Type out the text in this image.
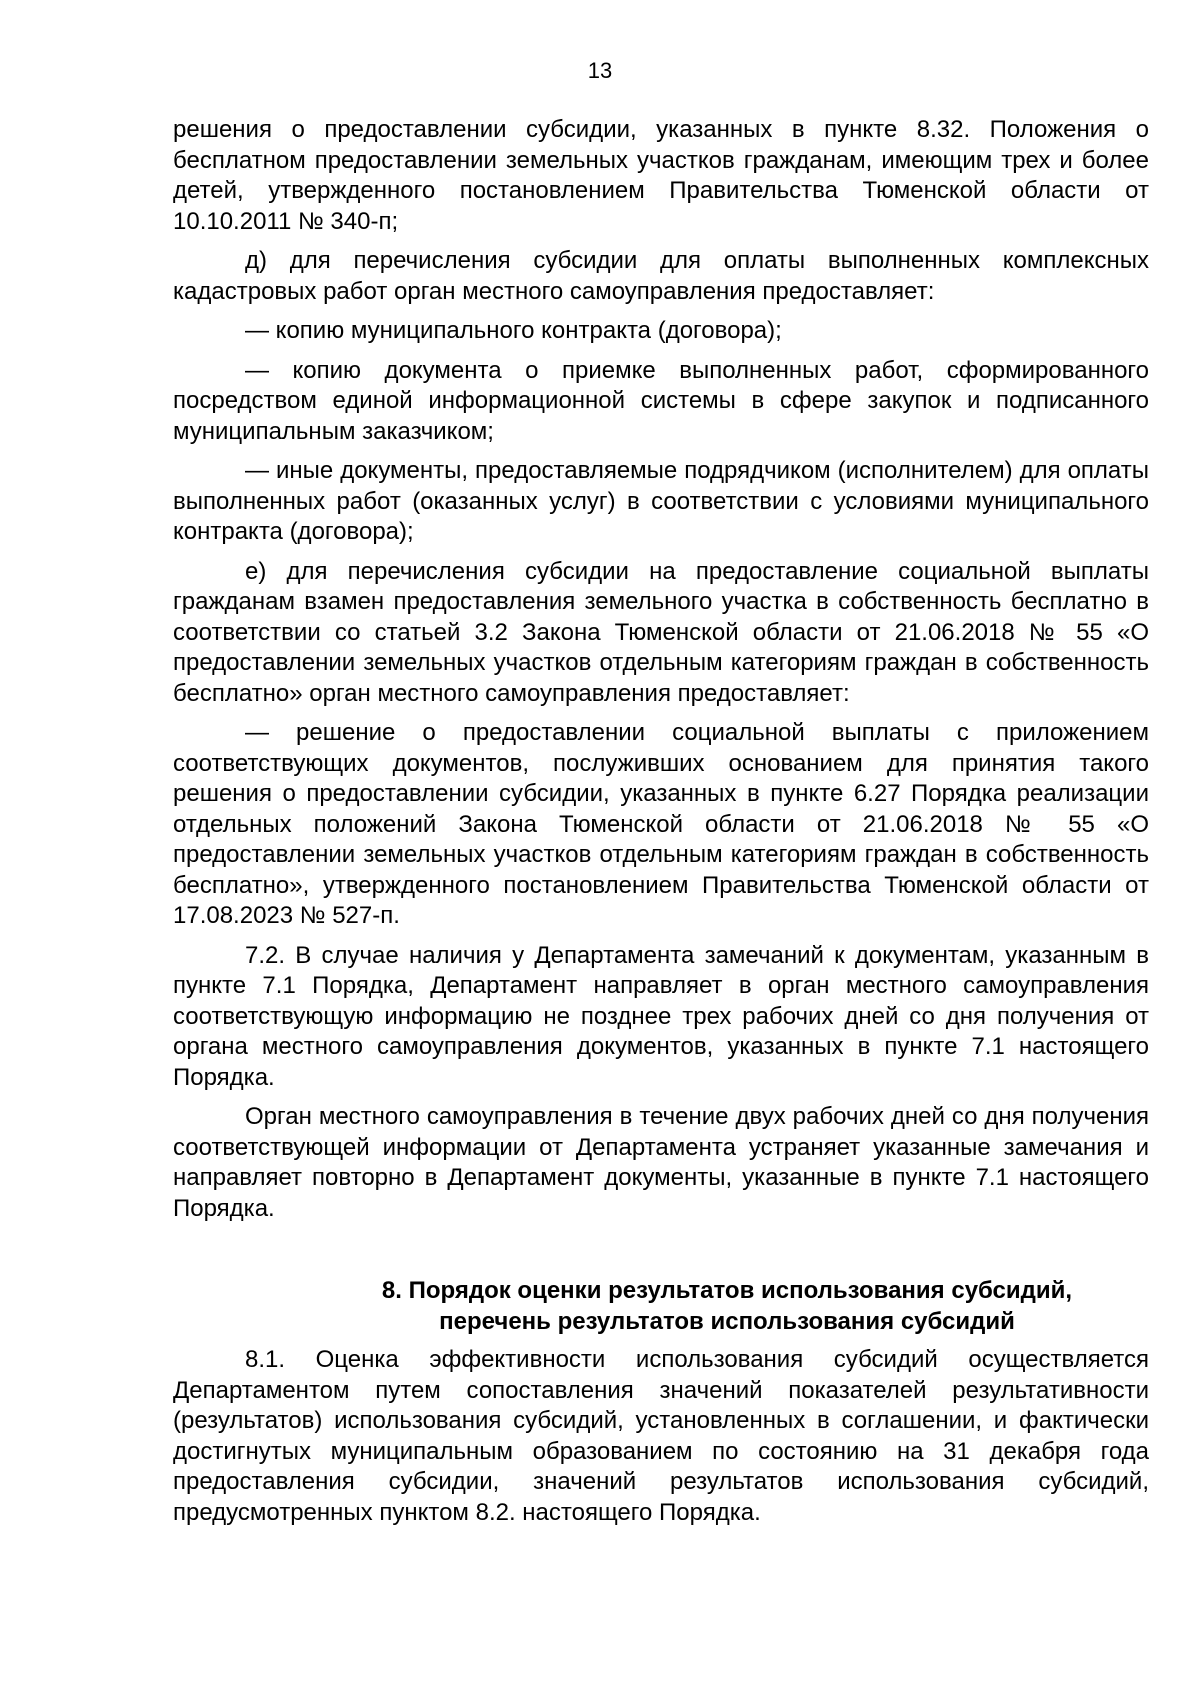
13

решения о предоставлении субсидии, указанных в пункте 8.32. Положения о бесплатном предоставлении земельных участков гражданам, имеющим трех и более детей, утвержденного постановлением Правительства Тюменской области от 10.10.2011 № 340-п;

д) для перечисления субсидии для оплаты выполненных комплексных кадастровых работ орган местного самоуправления предоставляет:

— копию муниципального контракта (договора);

— копию документа о приемке выполненных работ, сформированного посредством единой информационной системы в сфере закупок и подписанного муниципальным заказчиком;

— иные документы, предоставляемые подрядчиком (исполнителем) для оплаты выполненных работ (оказанных услуг) в соответствии с условиями муниципального контракта (договора);

е) для перечисления субсидии на предоставление социальной выплаты гражданам взамен предоставления земельного участка в собственность бесплатно в соответствии со статьей 3.2 Закона Тюменской области от 21.06.2018 № 55 «О предоставлении земельных участков отдельным категориям граждан в собственность бесплатно» орган местного самоуправления предоставляет:

— решение о предоставлении социальной выплаты с приложением соответствующих документов, послуживших основанием для принятия такого решения о предоставлении субсидии, указанных в пункте 6.27 Порядка реализации отдельных положений Закона Тюменской области от 21.06.2018 № 55 «О предоставлении земельных участков отдельным категориям граждан в собственность бесплатно», утвержденного постановлением Правительства Тюменской области от 17.08.2023 № 527-п.

7.2. В случае наличия у Департамента замечаний к документам, указанным в пункте 7.1 Порядка, Департамент направляет в орган местного самоуправления соответствующую информацию не позднее трех рабочих дней со дня получения от органа местного самоуправления документов, указанных в пункте 7.1 настоящего Порядка.

Орган местного самоуправления в течение двух рабочих дней со дня получения соответствующей информации от Департамента устраняет указанные замечания и направляет повторно в Департамент документы, указанные в пункте 7.1 настоящего Порядка.

8. Порядок оценки результатов использования субсидий,
перечень результатов использования субсидий

8.1. Оценка эффективности использования субсидий осуществляется Департаментом путем сопоставления значений показателей результативности (результатов) использования субсидий, установленных в соглашении, и фактически достигнутых муниципальным образованием по состоянию на 31 декабря года предоставления субсидии, значений результатов использования субсидий, предусмотренных пунктом 8.2. настоящего Порядка.
